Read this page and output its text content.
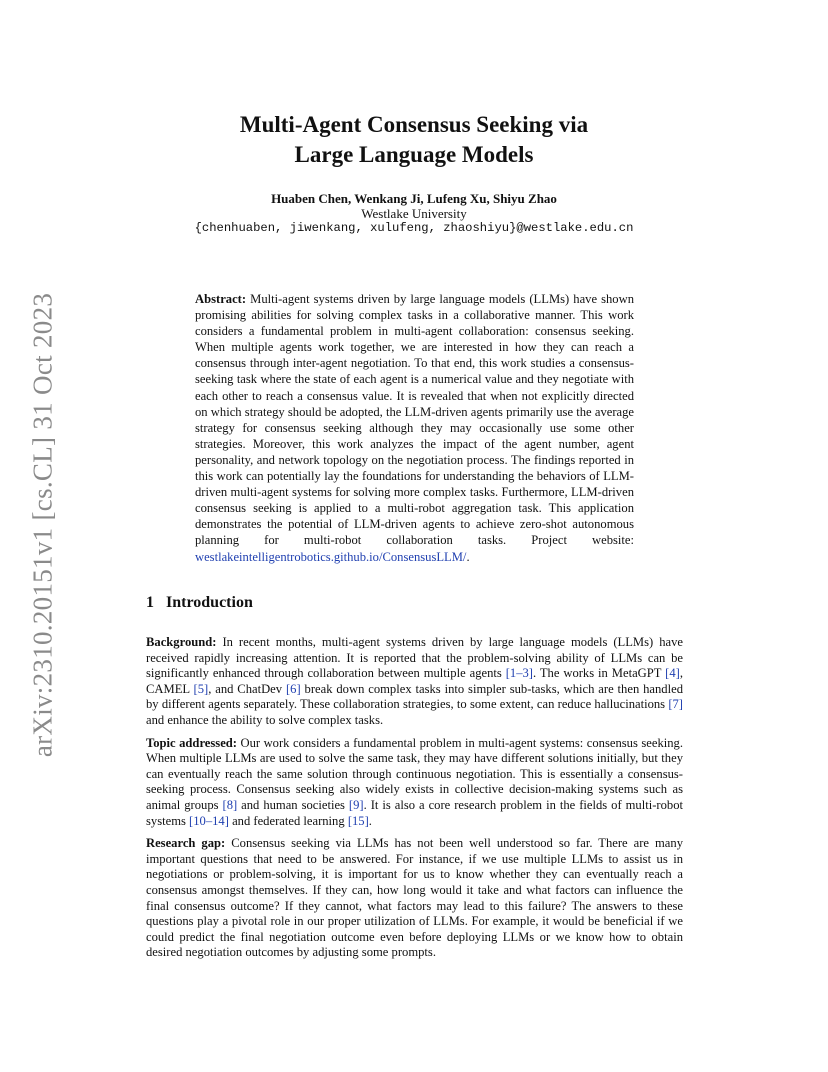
arXiv:2310.20151v1 [cs.CL] 31 Oct 2023
Multi-Agent Consensus Seeking via
Large Language Models
Huaben Chen, Wenkang Ji, Lufeng Xu, Shiyu Zhao
Westlake University
{chenhuaben, jiwenkang, xulufeng, zhaoshiyu}@westlake.edu.cn

Abstract: Multi-agent systems driven by large language models (LLMs) have shown promising abilities for solving complex tasks in a collaborative manner. This work considers a fundamental problem in multi-agent collaboration: consensus seeking. When multiple agents work together, we are interested in how they can reach a consensus through inter-agent negotiation. To that end, this work studies a consensus-seeking task where the state of each agent is a numerical value and they negotiate with each other to reach a consensus value. It is revealed that when not explicitly directed on which strategy should be adopted, the LLM-driven agents primarily use the average strategy for consensus seeking although they may occasionally use some other strategies. Moreover, this work analyzes the impact of the agent number, agent personality, and network topology on the negotiation process. The findings reported in this work can potentially lay the foundations for understanding the behaviors of LLM-driven multi-agent systems for solving more complex tasks. Furthermore, LLM-driven consensus seeking is applied to a multi-robot aggregation task. This application demonstrates the potential of LLM-driven agents to achieve zero-shot autonomous planning for multi-robot collaboration tasks. Project website: westlakeintelligentrobotics.github.io/ConsensusLLM/.

1 Introduction

Background: In recent months, multi-agent systems driven by large language models (LLMs) have received rapidly increasing attention. It is reported that the problem-solving ability of LLMs can be significantly enhanced through collaboration between multiple agents [1–3]. The works in MetaGPT [4], CAMEL [5], and ChatDev [6] break down complex tasks into simpler sub-tasks, which are then handled by different agents separately. These collaboration strategies, to some extent, can reduce hallucinations [7] and enhance the ability to solve complex tasks.

Topic addressed: Our work considers a fundamental problem in multi-agent systems: consensus seeking. When multiple LLMs are used to solve the same task, they may have different solutions initially, but they can eventually reach the same solution through continuous negotiation. This is essentially a consensus-seeking process. Consensus seeking also widely exists in collective decision-making systems such as animal groups [8] and human societies [9]. It is also a core research problem in the fields of multi-robot systems [10–14] and federated learning [15].

Research gap: Consensus seeking via LLMs has not been well understood so far. There are many important questions that need to be answered. For instance, if we use multiple LLMs to assist us in negotiations or problem-solving, it is important for us to know whether they can eventually reach a consensus amongst themselves. If they can, how long would it take and what factors can influence the final consensus outcome? If they cannot, what factors may lead to this failure? The answers to these questions play a pivotal role in our proper utilization of LLMs. For example, it would be beneficial if we could predict the final negotiation outcome even before deploying LLMs or we know how to obtain desired negotiation outcomes by adjusting some prompts.
